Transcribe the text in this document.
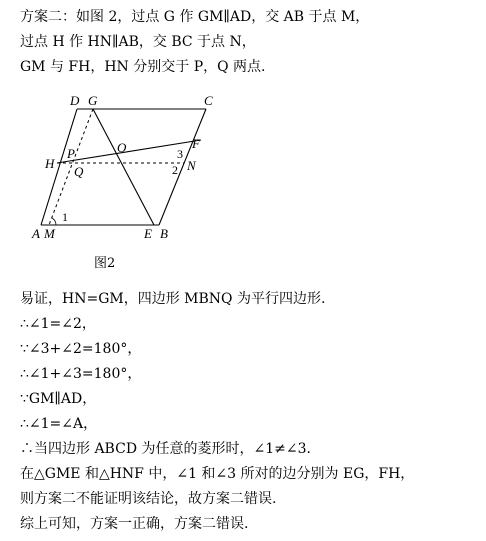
方案二：如图 2，过点 G 作 GM∥AD，交 AB 于点 M，
过点 H 作 HN∥AB，交 BC 于点 N，
GM 与 FH，HN 分别交于 P，Q 两点.
D G	C
F
O
P
H
Q	N
A M	E B
1
2
3
图2
易证，HN=GM，四边形 MBNQ 为平行四边形.
∴∠1=∠2，
∵∠3+∠2=180°，
∴∠1+∠3=180°，
∵GM∥AD，
∴∠1=∠A，
∴当四边形 ABCD 为任意的菱形时，∠1≠∠3．
在△GME 和△HNF 中，∠1 和∠3 所对的边分别为 EG，FH，
则方案二不能证明该结论，故方案二错误.
综上可知，方案一正确，方案二错误.
